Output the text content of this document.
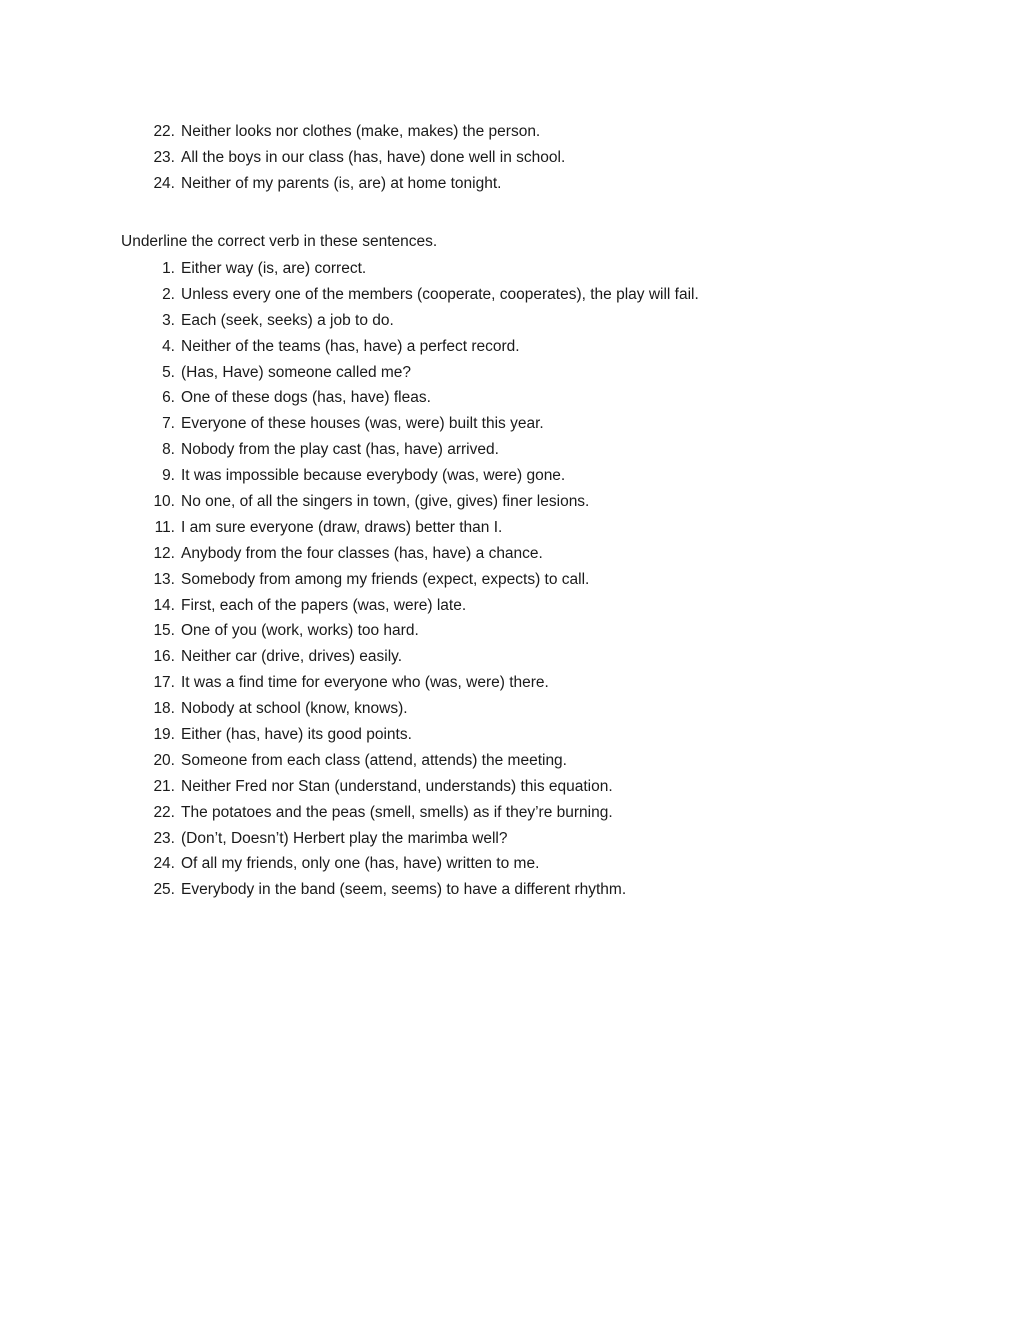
22. Neither looks nor clothes (make, makes) the person.
23. All the boys in our class (has, have) done well in school.
24. Neither of my parents (is, are) at home tonight.

Underline the correct verb in these sentences.

1. Either way (is, are) correct.
2. Unless every one of the members (cooperate, cooperates), the play will fail.
3. Each (seek, seeks) a job to do.
4. Neither of the teams (has, have) a perfect record.
5. (Has, Have) someone called me?
6. One of these dogs (has, have) fleas.
7. Everyone of these houses (was, were) built this year.
8. Nobody from the play cast (has, have) arrived.
9. It was impossible because everybody (was, were) gone.
10. No one, of all the singers in town, (give, gives) finer lesions.
11. I am sure everyone (draw, draws) better than I.
12. Anybody from the four classes (has, have) a chance.
13. Somebody from among my friends (expect, expects) to call.
14. First, each of the papers (was, were) late.
15. One of you (work, works) too hard.
16. Neither car (drive, drives) easily.
17. It was a find time for everyone who (was, were) there.
18. Nobody at school (know, knows).
19. Either (has, have) its good points.
20. Someone from each class (attend, attends) the meeting.
21. Neither Fred nor Stan (understand, understands) this equation.
22. The potatoes and the peas (smell, smells) as if they’re burning.
23. (Don’t, Doesn’t) Herbert play the marimba well?
24. Of all my friends, only one (has, have) written to me.
25. Everybody in the band (seem, seems) to have a different rhythm.
